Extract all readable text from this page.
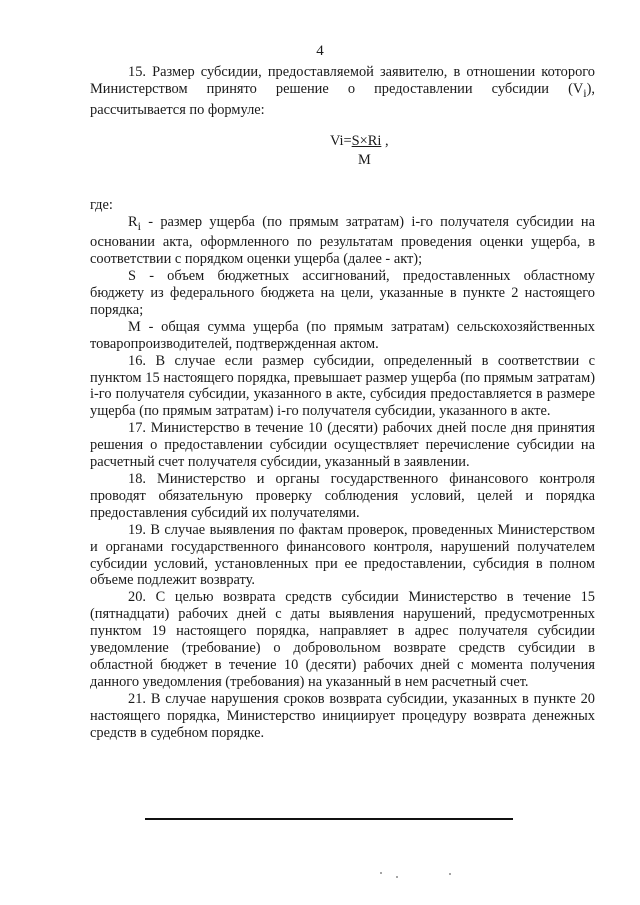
4

15. Размер субсидии, предоставляемой заявителю, в отношении которого Министерством принято решение о предоставлении субсидии $(V_i)$, рассчитывается по формуле:

Vi=S×Ri ,
M

где:

$R_i$ - размер ущерба (по прямым затратам) i-го получателя субсидии на основании акта, оформленного по результатам проведения оценки ущерба, в соответствии с порядком оценки ущерба (далее - акт);

S - объем бюджетных ассигнований, предоставленных областному бюджету из федерального бюджета на цели, указанные в пункте 2 настоящего порядка;

М - общая сумма ущерба (по прямым затратам) сельскохозяйственных товаропроизводителей, подтвержденная актом.

16. В случае если размер субсидии, определенный в соответствии с пунктом 15 настоящего порядка, превышает размер ущерба (по прямым затратам) i-го получателя субсидии, указанного в акте, субсидия предоставляется в размере ущерба (по прямым затратам) i-го получателя субсидии, указанного в акте.

17. Министерство в течение 10 (десяти) рабочих дней после дня принятия решения о предоставлении субсидии осуществляет перечисление субсидии на расчетный счет получателя субсидии, указанный в заявлении.

18. Министерство и органы государственного финансового контроля проводят обязательную проверку соблюдения условий, целей и порядка предоставления субсидий их получателями.

19. В случае выявления по фактам проверок, проведенных Министерством и органами государственного финансового контроля, нарушений получателем субсидии условий, установленных при ее предоставлении, субсидия в полном объеме подлежит возврату.

20. С целью возврата средств субсидии Министерство в течение 15 (пятнадцати) рабочих дней с даты выявления нарушений, предусмотренных пунктом 19 настоящего порядка, направляет в адрес получателя субсидии уведомление (требование) о добровольном возврате средств субсидии в областной бюджет в течение 10 (десяти) рабочих дней с момента получения данного уведомления (требования) на указанный в нем расчетный счет.

21. В случае нарушения сроков возврата субсидии, указанных в пункте 20 настоящего порядка, Министерство инициирует процедуру возврата денежных средств в судебном порядке.
